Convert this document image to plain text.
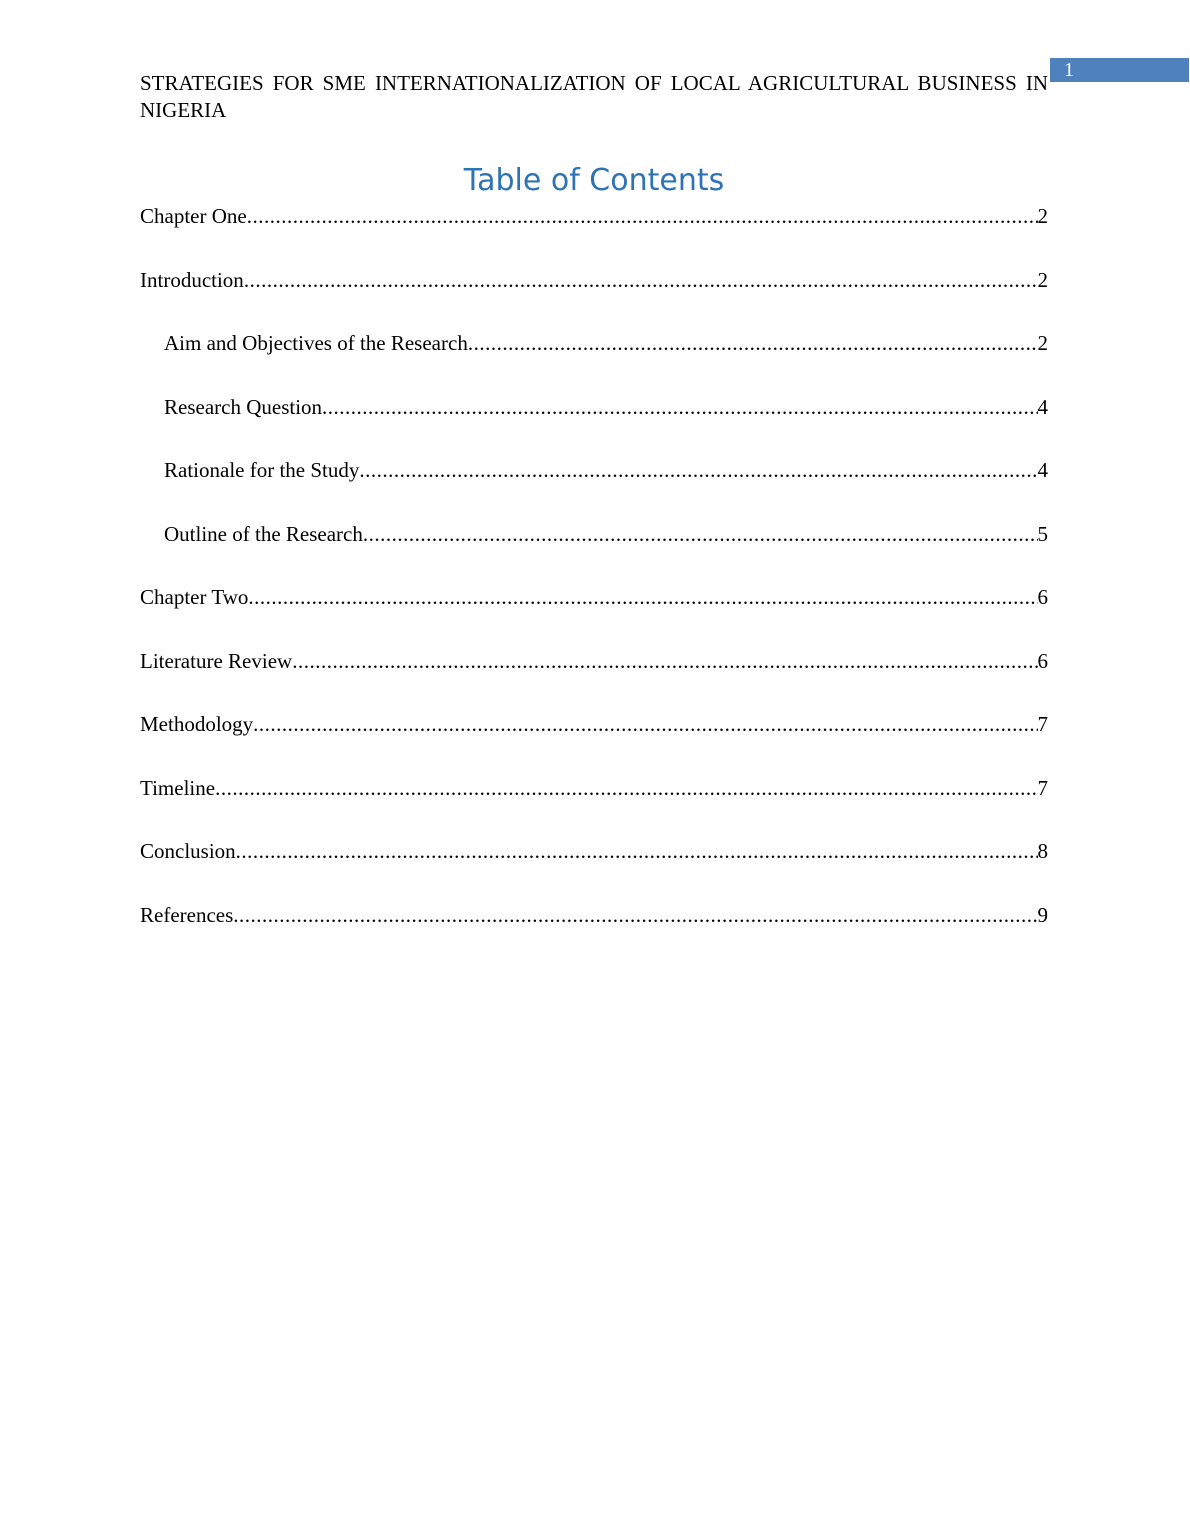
1
STRATEGIES FOR SME INTERNATIONALIZATION OF LOCAL AGRICULTURAL BUSINESS IN NIGERIA
Table of Contents
Chapter One .....	2
Introduction .....	2
Aim and Objectives of the Research .....	2
Research Question .....	4
Rationale for the Study .....	4
Outline of the Research .....	5
Chapter Two .....	6
Literature Review .....	6
Methodology .....	7
Timeline .....	7
Conclusion .....	8
References .....	9
